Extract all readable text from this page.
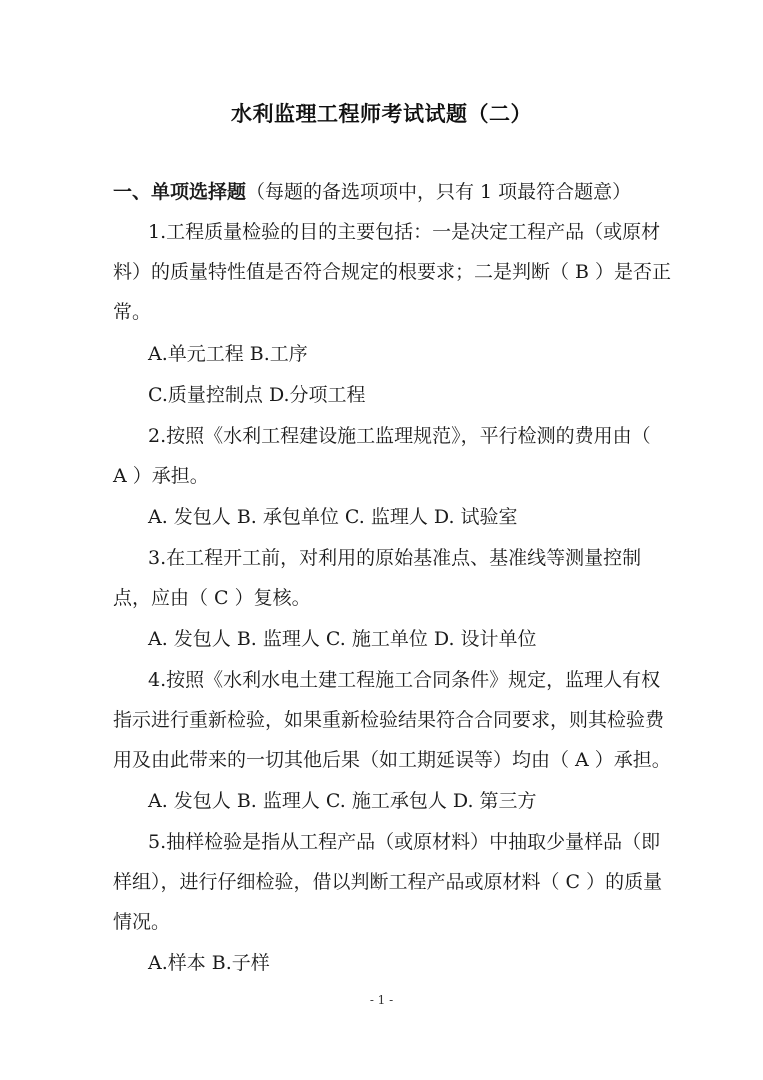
水利监理工程师考试试题（二）
一、单项选择题（每题的备选项项中，只有 1 项最符合题意）
1.工程质量检验的目的主要包括：一是决定工程产品（或原材
料）的质量特性值是否符合规定的根要求；二是判断（ B ）是否正
常。
A.单元工程 B.工序
C.质量控制点 D.分项工程
2.按照《水利工程建设施工监理规范》，平行检测的费用由（
A ）承担。
A. 发包人 B. 承包单位 C. 监理人 D. 试验室
3.在工程开工前，对利用的原始基准点、基准线等测量控制
点，应由（ C ）复核。
A. 发包人 B. 监理人 C. 施工单位 D. 设计单位
4.按照《水利水电土建工程施工合同条件》规定，监理人有权
指示进行重新检验，如果重新检验结果符合合同要求，则其检验费
用及由此带来的一切其他后果（如工期延误等）均由（ A ）承担。
A. 发包人 B. 监理人 C. 施工承包人 D. 第三方
5.抽样检验是指从工程产品（或原材料）中抽取少量样品（即
样组），进行仔细检验，借以判断工程产品或原材料（ C ）的质量
情况。
A.样本 B.子样
- 1 -
